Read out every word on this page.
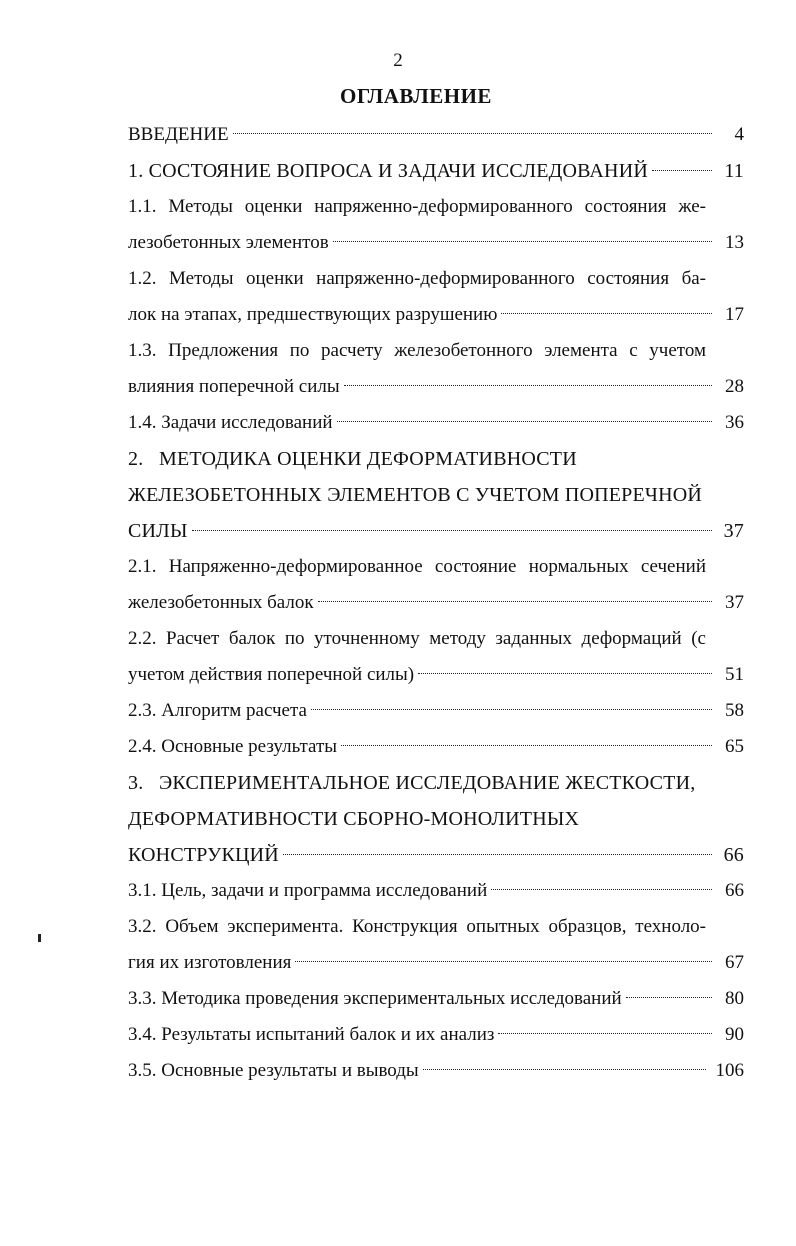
2
ОГЛАВЛЕНИЕ
ВВЕДЕНИЕ	4
1. СОСТОЯНИЕ ВОПРОСА И ЗАДАЧИ ИССЛЕДОВАНИЙ	11
1.1. Методы оценки напряженно-деформированного состояния же-
лезобетонных элементов	13
1.2. Методы оценки напряженно-деформированного состояния ба-
лок на этапах, предшествующих разрушению	17
1.3. Предложения по расчету железобетонного элемента с учетом
влияния поперечной силы	28
1.4. Задачи исследований	36
2.   МЕТОДИКА ОЦЕНКИ ДЕФОРМАТИВНОСТИ
ЖЕЛЕЗОБЕТОННЫХ ЭЛЕМЕНТОВ С УЧЕТОМ ПОПЕРЕЧНОЙ
СИЛЫ	37
2.1. Напряженно-деформированное состояние нормальных сечений
железобетонных балок	37
2.2. Расчет балок по уточненному методу заданных деформаций (с
учетом действия поперечной силы)	51
2.3. Алгоритм расчета	58
2.4. Основные результаты	65
3.   ЭКСПЕРИМЕНТАЛЬНОЕ ИССЛЕДОВАНИЕ ЖЕСТКОСТИ,
ДЕФОРМАТИВНОСТИ СБОРНО-МОНОЛИТНЫХ
КОНСТРУКЦИЙ	66
3.1. Цель, задачи и программа исследований	66
3.2. Объем эксперимента. Конструкция опытных образцов, техноло-
гия их изготовления	67
3.3. Методика проведения экспериментальных исследований	80
3.4. Результаты испытаний балок и их анализ	90
3.5. Основные результаты и выводы	106
